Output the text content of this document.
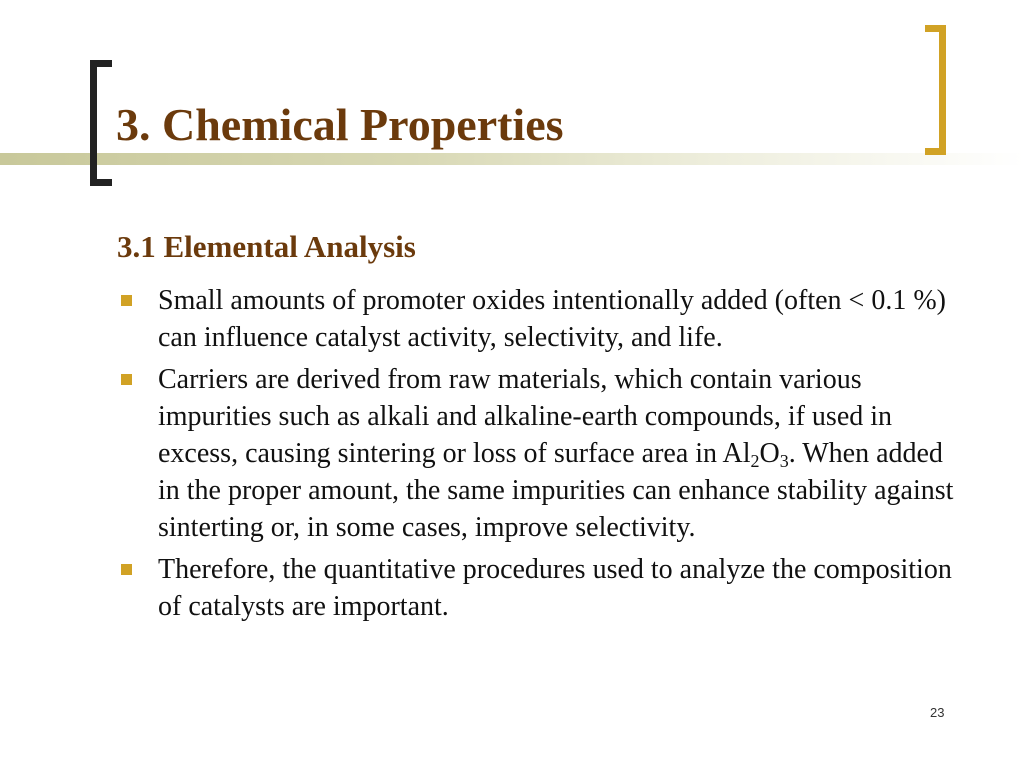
3. Chemical Properties
3.1 Elemental Analysis
Small amounts of promoter oxides intentionally added (often < 0.1 %) can influence catalyst activity, selectivity, and life.
Carriers are derived from raw materials, which contain various impurities such as alkali and alkaline-earth compounds, if used in excess, causing sintering or loss of surface area in $Al_2O_3$. When added in the proper amount, the same impurities can enhance stability against sinterting or, in some cases, improve selectivity.
Therefore, the quantitative procedures used to analyze the composition of catalysts are important.
23
